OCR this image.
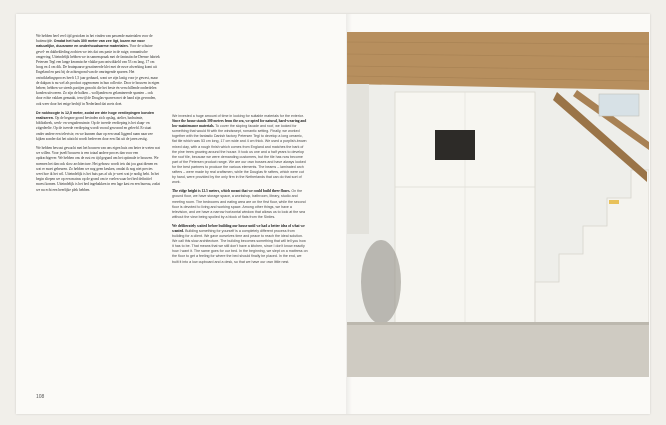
We hebben heel veel tijd gestoken in het vinden van passende materialen voor de buitenzijde. Omdat het huis 300 meter van zee ligt, kozen we voor natuurlijke, duurzame en onderhoudsarme materialen. Voor de schuine gevel- en dakbekleding zochten we iets dat ons paste in de ruige, romantische omgeving. Uiteindelijk hebben we in samenspraak met de fantastische Deense fabriek Petersen Tegl een lange keramische vlakke pan ontwikkeld van 53 cm lang, 17 cm hoog en 4 cm dik. De bruinpaarse gesatineerde klei met de ruwe afwerking komt uit Engeland en past bij de achtergrond van de omringende sparren. Het ontwikkelingsproces heeft 1,5 jaar geduurd, want we zijn lastig voor je gewest, maar de dakpan is nu wel als product opgenomen in hun collectie. Door te bouwen in eigen beheer, hebben we steeds partijen gezocht die het beste én verschillende onderdelen konden uitvoeren. Zo zijn de balken – wolfjanden en gelamineerde spanten – ook door echte vakken gemaakt, terwijl de Douglas-sparren met de hand zijn gevonden, ook weer door het enige bedrijf in Nederland dat zoets doet.

De nokhoogte is 12,5 meter, zodat we drie hoge verdiepingen konden realiseren. Op de begane grond bevinden zich opslag, atelier, badruimte, bibliotheek, werk- en vergaderruimte. Op de tweede verdieping is het slaap- en zitgedeelte. Op de tweede verdieping wordt vooral gewoond en geleefd. Er staat onder andere een televisie, en we kunnen daar op een smal liggend raam naar zee kijken zonder dat het uitzicht wordt bederven door een flat uit de jaren zestig.

We hebben bewust gewacht met het bouwen van ons eigen huis om beter te weten wat we willen. Voor jezelf bouwen is een totaal andere proces dan voor een opdrachtgever. We hebben ons de rust en tijd gegund om het optimale te bouwen. We noemen het dan ook slow architecture. Het gebouw wordt iets dat jou gaat dienen en wat er moet gebeuren. Zo hebben we nog geen keuken, omdat ik nog niet precies weet hoe ik het wil. Uiteindelijk is het huis pas af als je weet wat je nodig hebt. In het begin sliepen we op een matras op de grond om te voelen waar het bed definitief moest komen. Uiteindelijk is het bed ingebakken in een lage kast en een bureau, zodat we nu echt een heerlijke plek hebben.

We invested a huge amount of time in looking for suitable materials for the exterior. Since the house stands 300 meters from the sea, we opted for natural, hard-wearing and low-maintenance materials. To cover the sloping facade and roof, we looked for something that would fit with the windswept, romantic setting. Finally, we worked together with the fantastic Danish factory Petersen Tegl to develop a long ceramic, flat tile which was 53 cm long, 17 cm wide and 4 cm thick. We used a purplish-brown mixed clay, with a rough finish which comes from England and matches the bark of the pine trees growing around the house. It took us one and a half years to develop the roof tile, because we were demanding customers, but the tile has now become part of the Petersen product range. We are our own bosses and have always looked for the best partners to produce the various elements. The beams – laminated arch rafters – were made by real craftsmen, while the Douglas fir rafters, which were cut by hand, were provided by the only firm in the Netherlands that can do that sort of work.

The ridge height is 12.5 meters, which meant that we could build three floors. On the ground floor, we have storage space, a workshop, bathroom, library, studio and meeting room. The bedrooms and eating area are on the first floor, while the second floor is devoted to living and working space. Among other things, we have a television, and we have a narrow horizontal window that allows us to look at the sea without the view being spoiled by a block of flats from the Sixties.

We deliberately waited before building our house until we had a better idea of what we wanted. Building something for yourself is a completely different process from building for a client. We gave ourselves time and peace to reach the ideal solution. We call this slow architecture. The building becomes something that will tell you how it has to be. That means that we still don't have a kitchen, since I don't know exactly how I want it. The same goes for our bed. In the beginning, we slept on a mattress on the floor to get a feeling for where the bed should finally be placed. In the end, we built it into a low cupboard and a desk, so that we have our own little nest.

108
